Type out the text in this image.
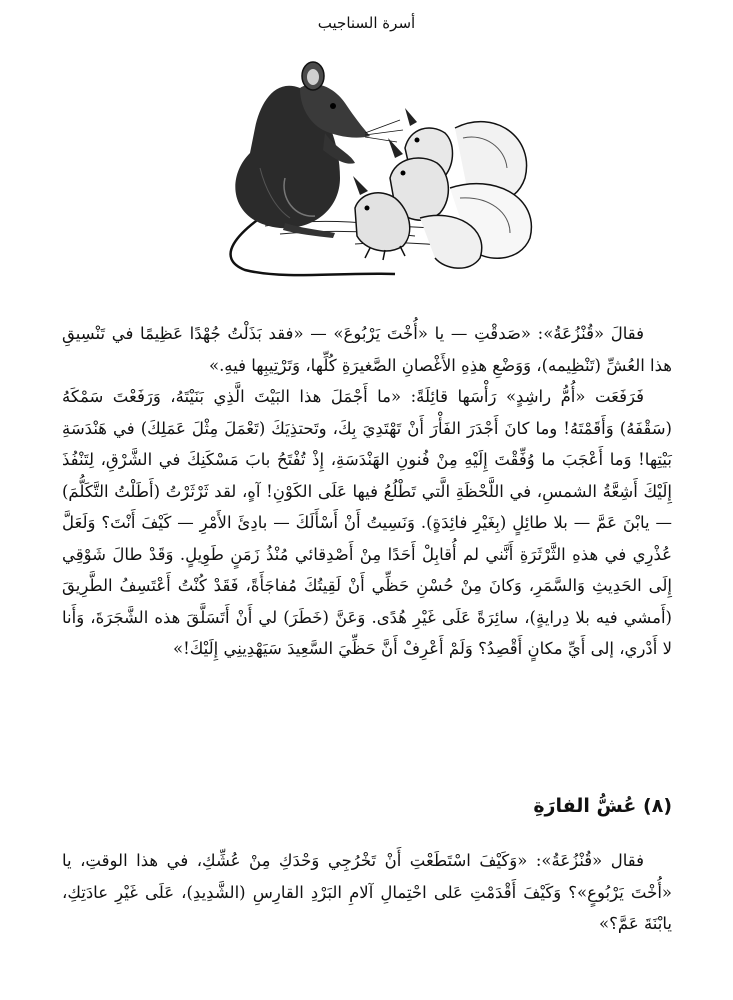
أسرة السناجيب

فقالَ «قُنْزُعَةُ»: «صَدقْتِ — يا «أُخْتَ يَرْبُوعَ» — «فقد بَذَلْتُ جُهْدًا عَظِيمًا في تَنْسِيقِ هذا العُشِّ (تَنْظِيمه)، وَوَضْعِ هذِهِ الأَغْصانِ الصَّغيرَةِ كُلِّها، وَتَرْتِيبِها فيهِ.»

فَرَفَعَت «أُمُّ راشِدٍ» رَأْسَها قائِلَةً: «ما أَجْمَلَ هذا البَيْتَ الَّذِي بَنَيْتَهُ، وَرَفَعْتَ سَمْكَهُ (سَقْفَهُ) وَأَقَمْتَهُ! وما كانَ أَجْدَرَ الفَأْرَ أَنْ تَهْتَدِيَ بِكَ، وتَحتذِيَكَ (تَعْمَلَ مِثْلَ عَمَلِكَ) في هَنْدَسَةِ بَيْتِها! وَما أَعْجَبَ ما وُفِّقْتَ إِلَيْهِ مِنْ فُنونِ الهَنْدَسَةِ، إِذْ تُفْتَحُ بابَ مَسْكَنِكَ في الشَّرْقِ، لِتَنْفُذَ إِلَيْكَ أَشِعَّةُ الشمسِ، في اللَّحْظَةِ الَّتي تَطْلُعُ فيها عَلَى الكَوْنِ! آهٍ، لقد ثَرْثَرْتُ (أَطَلْتُ التَّكَلُّمَ) — يابْنَ عَمَّ — بلا طائِلٍ (بِغَيْرِ فائِدَةٍ). وَنَسِيتُ أَنْ أَسْأَلَكَ — بادِئَ الأَمْرِ — كَيْفَ أَنْتَ؟ وَلَعَلَّ عُذْرِي في هذهِ الثَّرْثَرَةِ أَنَّني لم أُقابِلْ أَحَدًا مِنْ أَصْدِقائي مُنْذُ زَمَنٍ طَوِيلٍ. وَقَدْ طالَ شَوْقِي إِلَى الحَدِيثِ وَالسَّمَرِ، وَكانَ مِنْ حُسْنِ حَظِّي أَنْ لَقِيتُكَ مُفاجَأَةً، فَقَدْ كُنْتُ أَعْتَسِفُ الطَّرِيقَ (أَمشي فيه بلا دِرايةٍ)، سائِرَةً عَلَى غَيْرِ هُدًى. وَعَنَّ (خَطَرَ) لي أَنْ أَتَسَلَّقَ هذه الشَّجَرَةَ، وَأَنا لا أَدْري، إلى أَيِّ مكانٍ أَقْصِدُ؟ وَلَمْ أَعْرِفْ أَنَّ حَظِّيَ السَّعِيدَ سَيَهْدِينِي إِلَيْكَ!»

(٨) عُشُّ الفارَةِ

فقال «قُنْزُعَةُ»: «وَكَيْفَ اسْتَطَعْتِ أَنْ تَخْرُجِي وَحْدَكِ مِنْ عُشِّكِ، في هذا الوقتِ، يا «أُخْتَ يَرْبُوعٍ»؟ وَكَيْفَ أَقْدَمْتِ عَلى احْتِمالِ آلامِ البَرْدِ القارِسِ (الشَّدِيدِ)، عَلَى غَيْرِ عادَتِكِ، يابْنَةَ عَمَّ؟»
